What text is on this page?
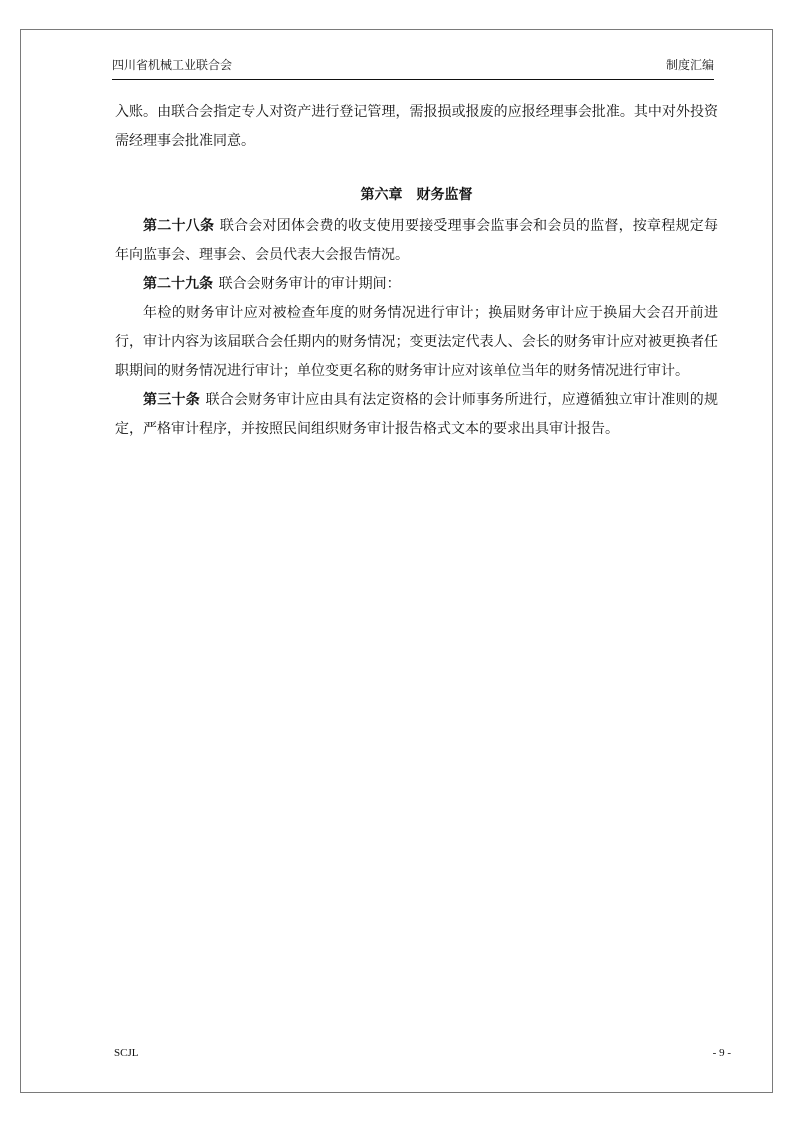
四川省机械工业联合会	制度汇编

入账。由联合会指定专人对资产进行登记管理，需报损或报废的应报经理事会批准。其中对外投资需经理事会批准同意。

第六章　财务监督

第二十八条 联合会对团体会费的收支使用要接受理事会监事会和会员的监督，按章程规定每年向监事会、理事会、会员代表大会报告情况。

第二十九条 联合会财务审计的审计期间：

年检的财务审计应对被检查年度的财务情况进行审计；换届财务审计应于换届大会召开前进行，审计内容为该届联合会任期内的财务情况；变更法定代表人、会长的财务审计应对被更换者任职期间的财务情况进行审计；单位变更名称的财务审计应对该单位当年的财务情况进行审计。

第三十条 联合会财务审计应由具有法定资格的会计师事务所进行，应遵循独立审计准则的规定，严格审计程序，并按照民间组织财务审计报告格式文本的要求出具审计报告。

SCJL	- 9 -
